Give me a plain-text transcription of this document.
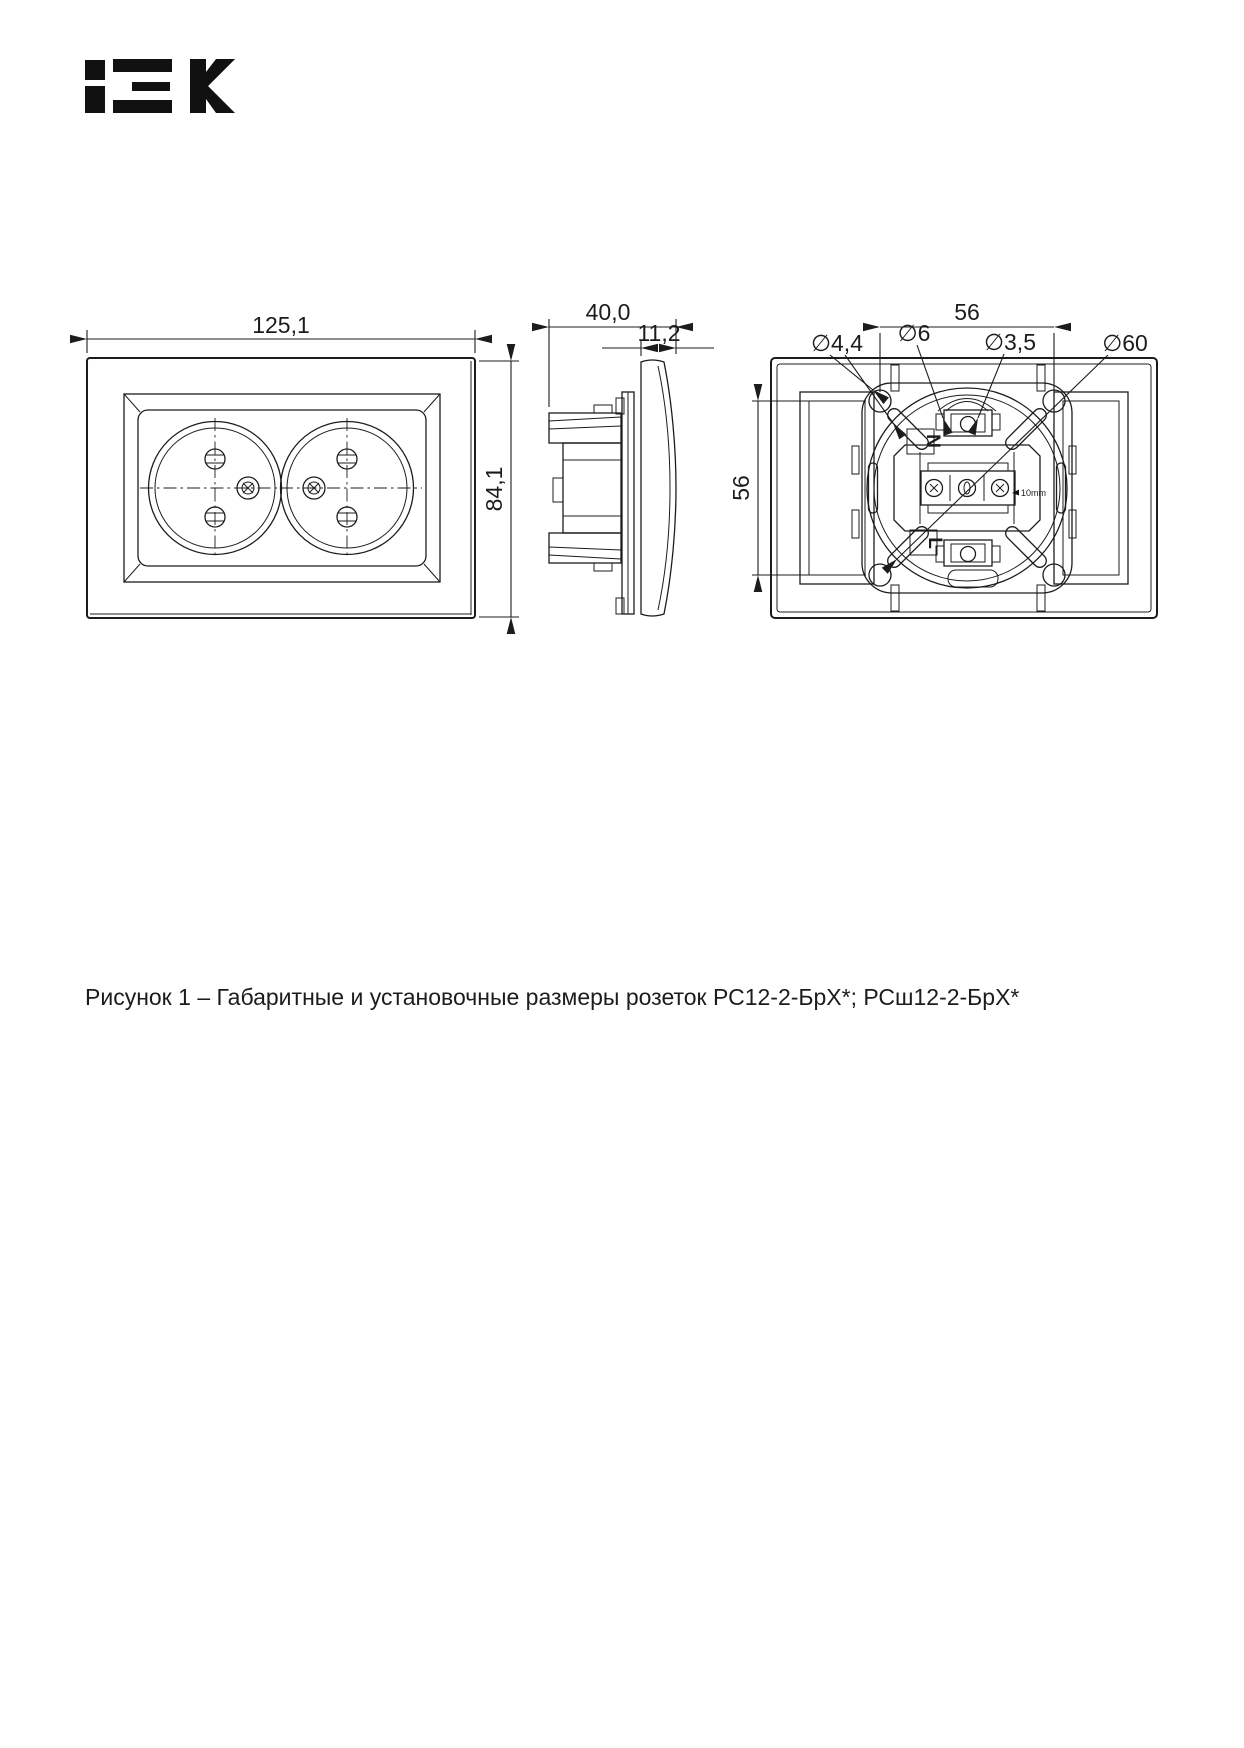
125,1
84,1
40,0
11,2
10mm
N
L
56
56
∅4,4 ∅6 ∅3,5	∅60
Рисунок 1 – Габаритные и установочные размеры розеток РС12-2-БрХ*; РСш12-2-БрХ*
